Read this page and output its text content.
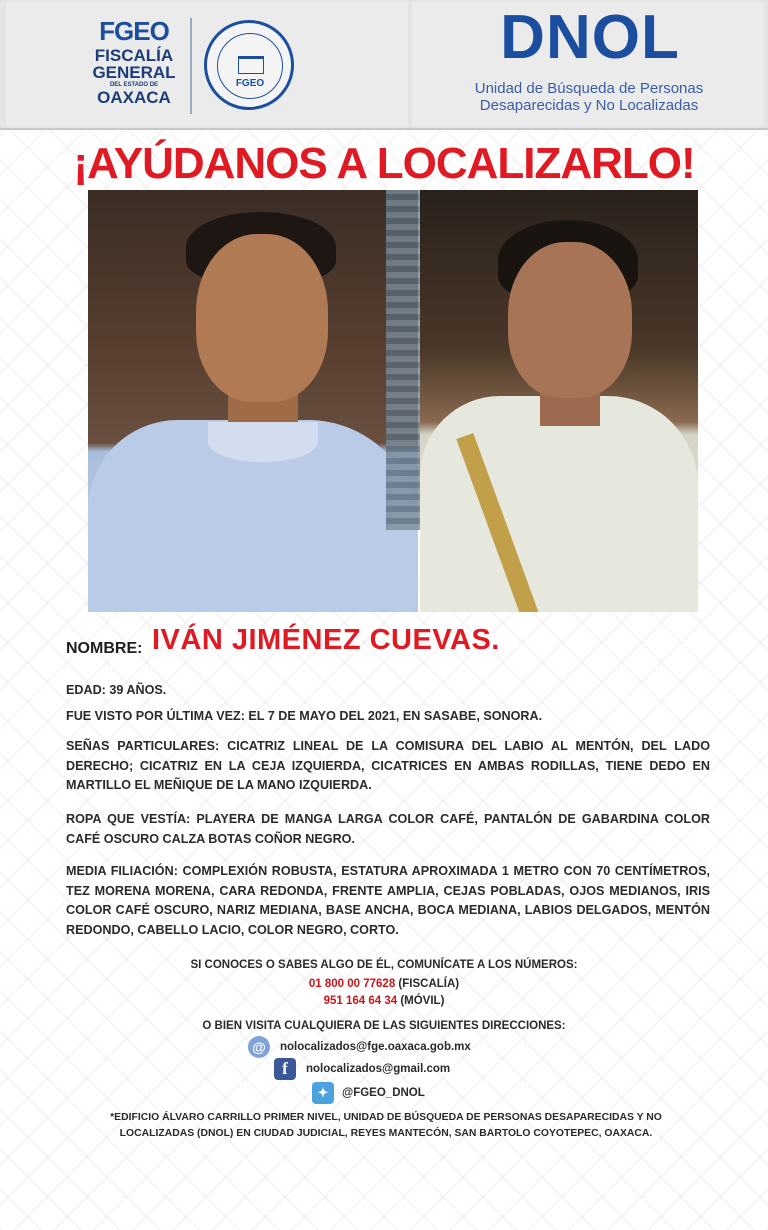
FGEO
FISCALÍA
GENERAL
DEL ESTADO DE
OAXACA
FGEO
DNOL
Unidad de Búsqueda de Personas
Desaparecidas y No Localizadas
¡AYÚDANOS A LOCALIZARLO!
NOMBRE: IVÁN JIMÉNEZ CUEVAS.
EDAD: 39 AÑOS.
FUE VISTO POR ÚLTIMA VEZ: EL 7 DE MAYO DEL 2021, EN SASABE, SONORA.
SEÑAS PARTICULARES: CICATRIZ LINEAL DE LA COMISURA DEL LABIO AL MENTÓN, DEL LADO DERECHO; CICATRIZ EN LA CEJA IZQUIERDA, CICATRICES EN AMBAS RODILLAS, TIENE DEDO EN MARTILLO EL MEÑIQUE DE LA MANO IZQUIERDA.
ROPA QUE VESTÍA: PLAYERA DE MANGA LARGA COLOR CAFÉ, PANTALÓN DE GABARDINA COLOR CAFÉ OSCURO CALZA BOTAS COÑOR NEGRO.
MEDIA FILIACIÓN: COMPLEXIÓN ROBUSTA, ESTATURA APROXIMADA 1 METRO CON 70 CENTÍMETROS, TEZ MORENA MORENA, CARA REDONDA, FRENTE AMPLIA, CEJAS POBLADAS, OJOS MEDIANOS, IRIS COLOR CAFÉ OSCURO, NARIZ MEDIANA, BASE ANCHA, BOCA MEDIANA, LABIOS DELGADOS, MENTÓN REDONDO, CABELLO LACIO, COLOR NEGRO, CORTO.
SI CONOCES O SABES ALGO DE ÉL, COMUNÍCATE A LOS NÚMEROS:
01 800 00 77628 (FISCALÍA)
951 164 64 34 (MÓVIL)
O BIEN VISITA CUALQUIERA DE LAS SIGUIENTES DIRECCIONES:
@	nolocalizados@fge.oaxaca.gob.mx
f	nolocalizados@gmail.com
✦	@FGEO_DNOL
*EDIFICIO ÁLVARO CARRILLO PRIMER NIVEL, UNIDAD DE BÚSQUEDA DE PERSONAS DESAPARECIDAS Y NO LOCALIZADAS (DNOL) EN CIUDAD JUDICIAL, REYES MANTECÓN, SAN BARTOLO COYOTEPEC, OAXACA.
